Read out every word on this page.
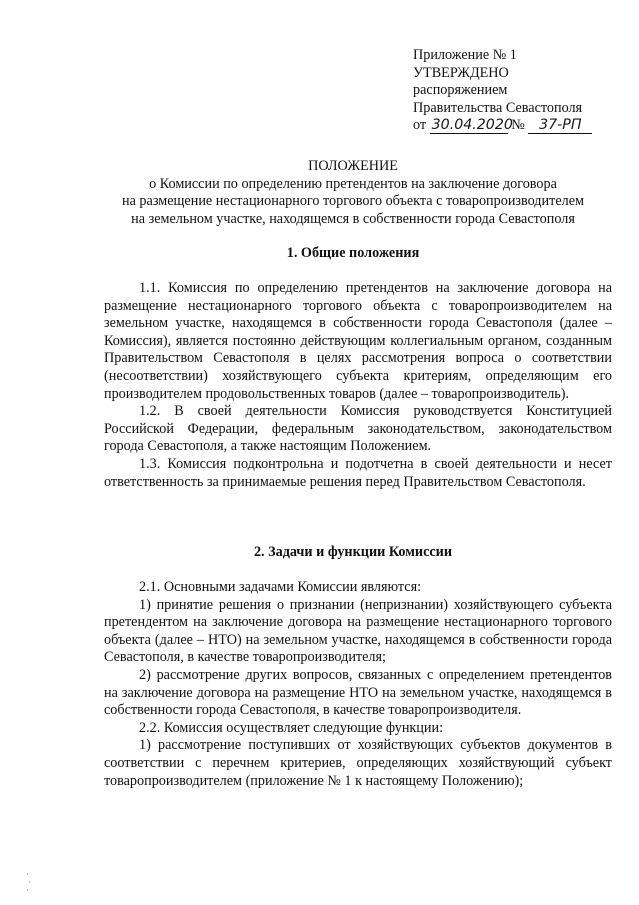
Приложение № 1
УТВЕРЖДЕНО
распоряжением
Правительства Севастополя
от 30.04.2020 № 37-РП
ПОЛОЖЕНИЕ
о Комиссии по определению претендентов на заключение договора
на размещение нестационарного торгового объекта с товаропроизводителем
на земельном участке, находящемся в собственности города Севастополя
1. Общие положения

1.1. Комиссия по определению претендентов на заключение договора на размещение нестационарного торгового объекта с товаропроизводителем на земельном участке, находящемся в собственности города Севастополя (далее – Комиссия), является постоянно действующим коллегиальным органом, созданным Правительством Севастополя в целях рассмотрения вопроса о соответствии (несоответствии) хозяйствующего субъекта критериям, определяющим его производителем продовольственных товаров (далее – товаропроизводитель).

1.2. В своей деятельности Комиссия руководствуется Конституцией Российской Федерации, федеральным законодательством, законодательством города Севастополя, а также настоящим Положением.

1.3. Комиссия подконтрольна и подотчетна в своей деятельности и несет ответственность за принимаемые решения перед Правительством Севастополя.

2. Задачи и функции Комиссии

2.1. Основными задачами Комиссии являются:

1) принятие решения о признании (непризнании) хозяйствующего субъекта претендентом на заключение договора на размещение нестационарного торгового объекта (далее – НТО) на земельном участке, находящемся в собственности города Севастополя, в качестве товаропроизводителя;

2) рассмотрение других вопросов, связанных с определением претендентов на заключение договора на размещение НТО на земельном участке, находящемся в собственности города Севастополя, в качестве товаропроизводителя.

2.2. Комиссия осуществляет следующие функции:

1) рассмотрение поступивших от хозяйствующих субъектов документов в соответствии с перечнем критериев, определяющих хозяйствующий субъект товаропроизводителем (приложение № 1 к настоящему Положению);

·
·
·
